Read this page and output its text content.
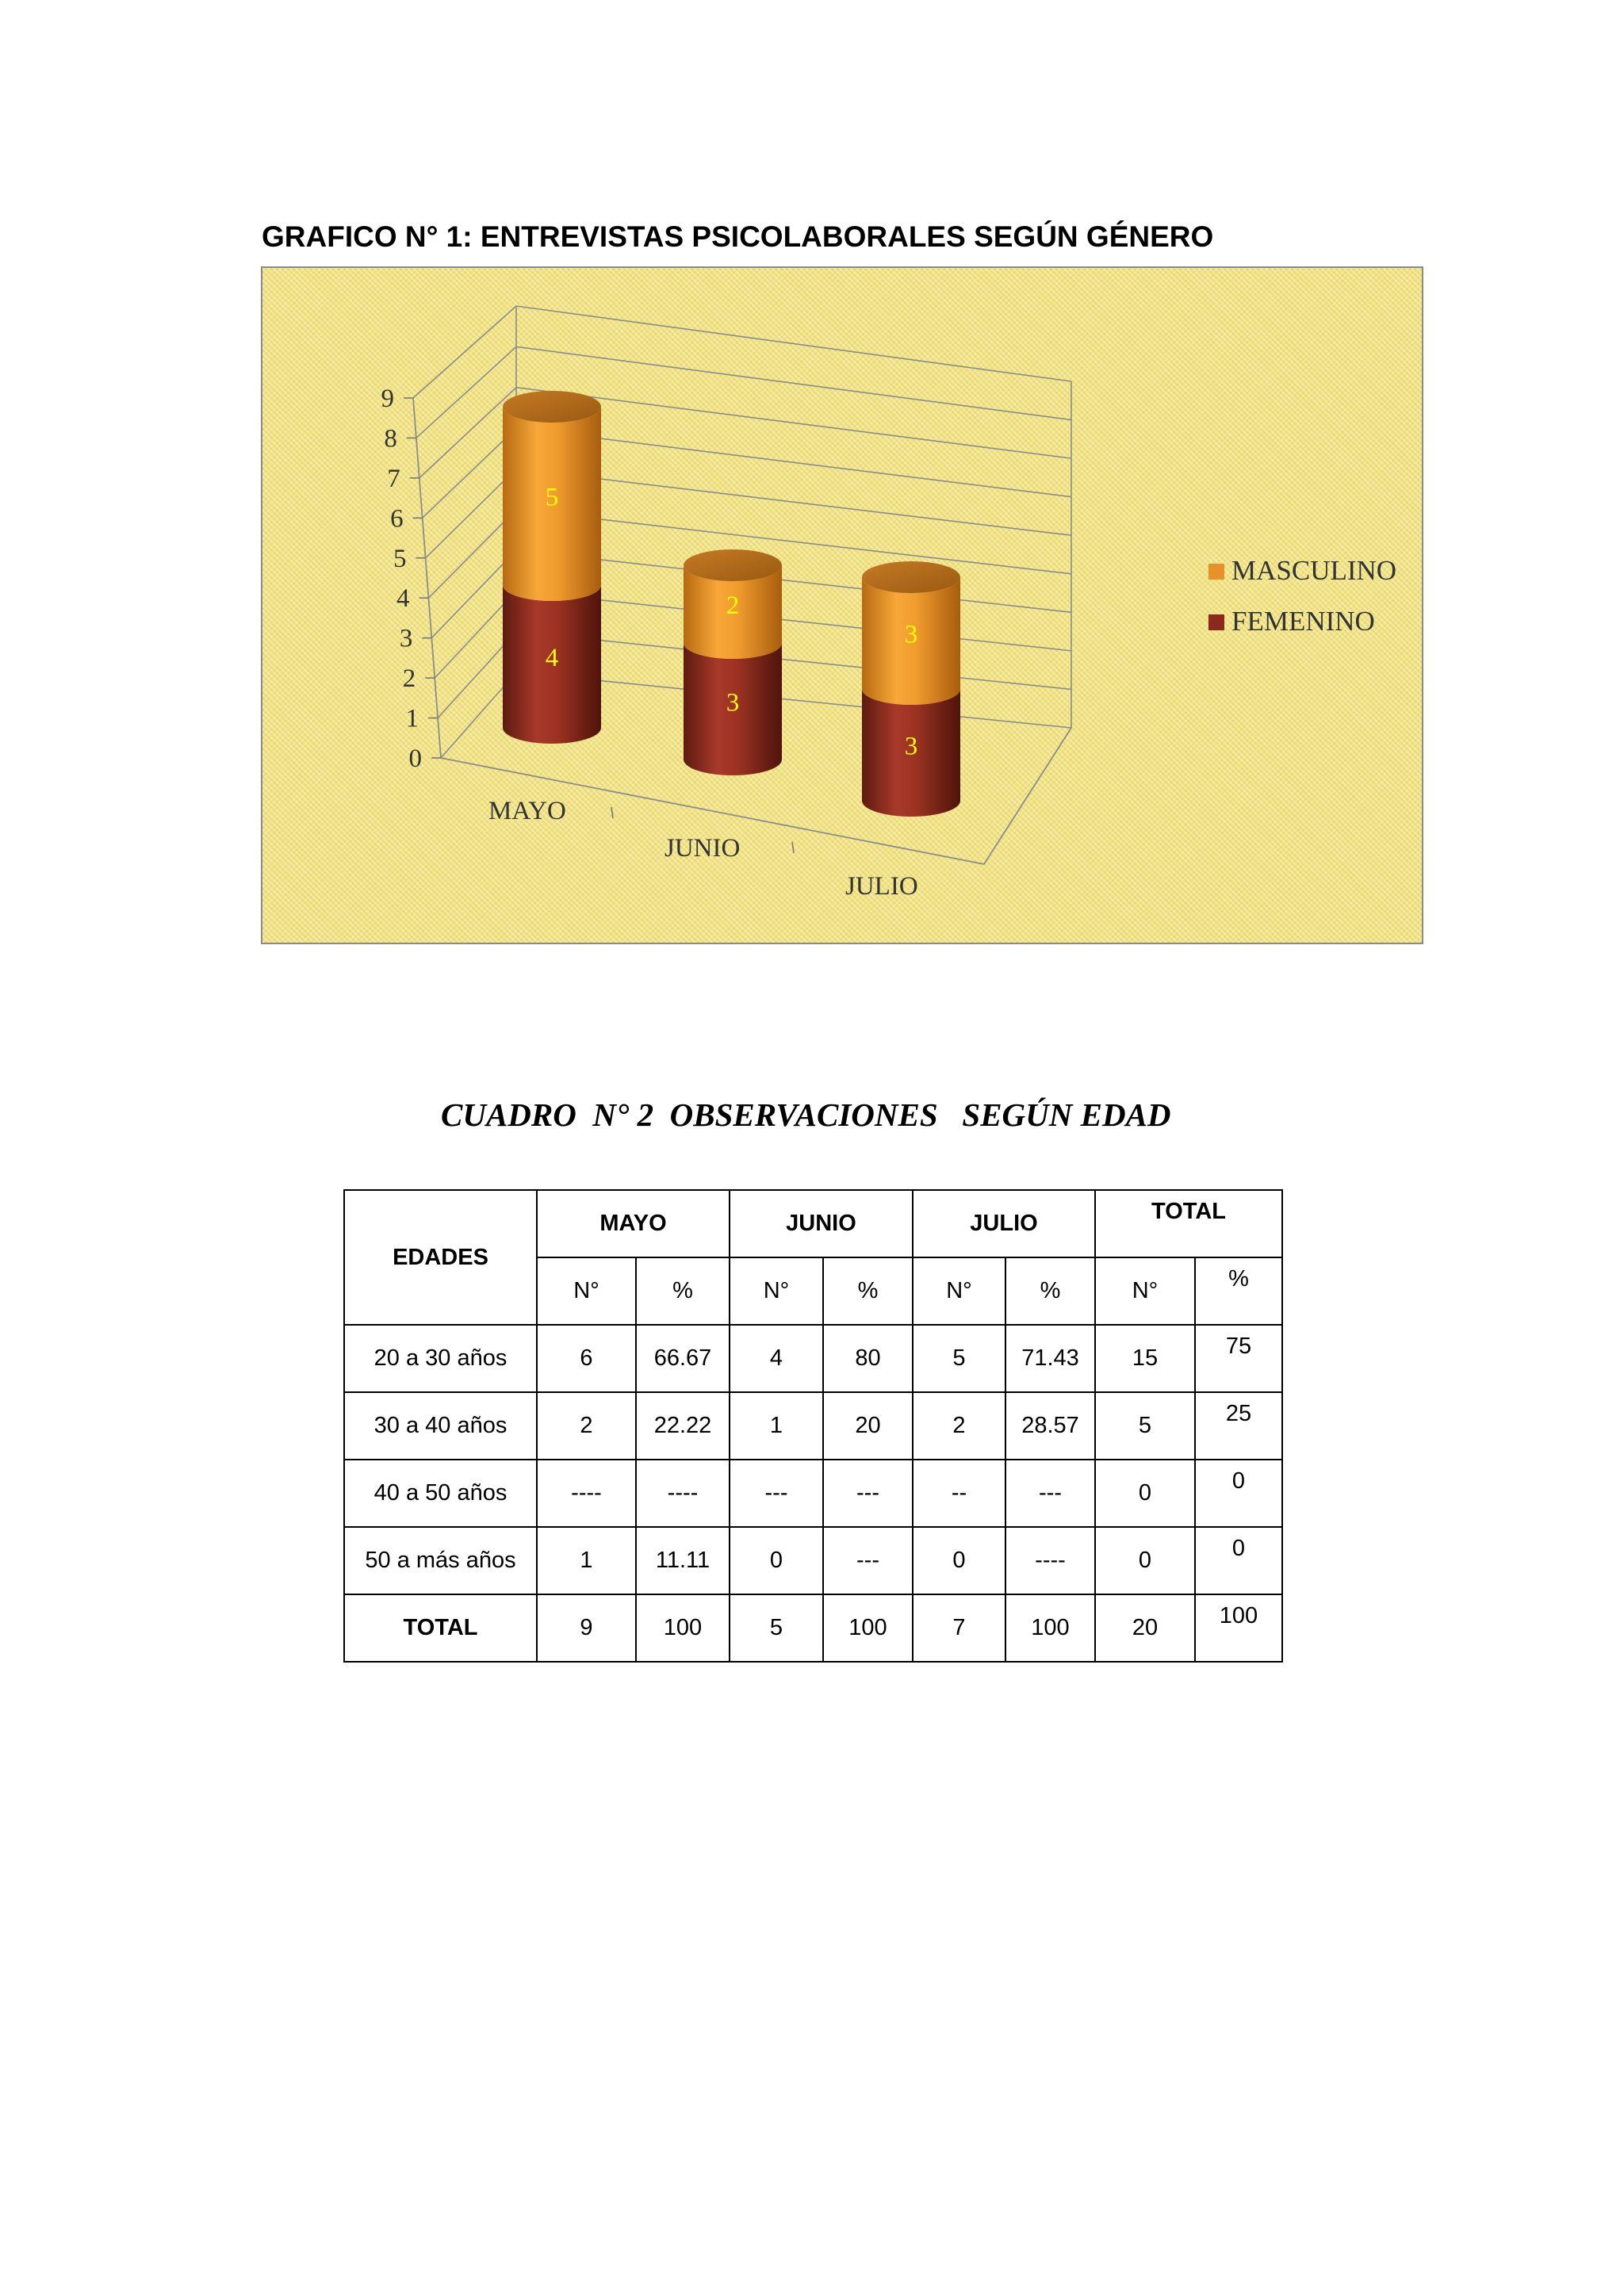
GRAFICO N° 1: ENTREVISTAS PSICOLABORALES SEGÚN GÉNERO
0
1
2
3
4
5
6
7
8
9
MAYO
JUNIO
JULIO
4
5
3
2
3
3
MASCULINO
FEMENINO
CUADRO  N° 2  OBSERVACIONES   SEGÚN EDAD
EDADES	MAYO		JUNIO		JULIO		TOTAL	
	N°	%	N°	%	N°	%	N°	%
20 a 30 años	6	66.67	4	80	5	71.43	15	75
30 a 40 años	2	22.22	1	20	2	28.57	5	25
40 a 50 años	----	----	---	---	--	---	0	0
50 a más años	1	11.11	0	---	0	----	0	0
TOTAL	9	100	5	100	7	100	20	100
